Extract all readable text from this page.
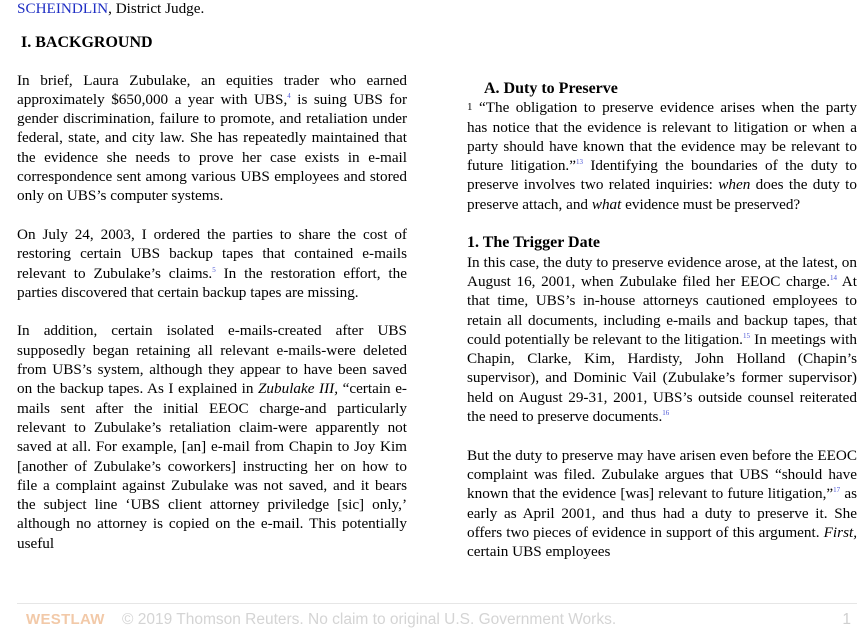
SCHEINDLIN, District Judge.

I. BACKGROUND

In brief, Laura Zubulake, an equities trader who earned approximately $650,000 a year with UBS,$^4$ is suing UBS for gender discrimination, failure to promote, and retaliation under federal, state, and city law. She has repeatedly maintained that the evidence she needs to prove her case exists in e-mail correspondence sent among various UBS employees and stored only on UBS’s computer systems.

On July 24, 2003, I ordered the parties to share the cost of restoring certain UBS backup tapes that contained e-mails relevant to Zubulake’s claims.$^5$ In the restoration effort, the parties discovered that certain backup tapes are missing.

In addition, certain isolated e-mails-created after UBS supposedly began retaining all relevant e-mails-were deleted from UBS’s system, although they appear to have been saved on the backup tapes. As I explained in Zubulake III, “certain e-mails sent after the initial EEOC charge-and particularly relevant to Zubulake’s retaliation claim-were apparently not saved at all. For example, [an] e-mail from Chapin to Joy Kim [another of Zubulake’s coworkers] instructing her on how to file a complaint against Zubulake was not saved, and it bears the subject line ‘UBS client attorney priviledge [sic] only,’ although no attorney is copied on the e-mail. This potentially useful

A. Duty to Preserve

$^1$ “The obligation to preserve evidence arises when the party has notice that the evidence is relevant to litigation or when a party should have known that the evidence may be relevant to future litigation.”$^{13}$ Identifying the boundaries of the duty to preserve involves two related inquiries: when does the duty to preserve attach, and what evidence must be preserved?

1. The Trigger Date

In this case, the duty to preserve evidence arose, at the latest, on August 16, 2001, when Zubulake filed her EEOC charge.$^{14}$ At that time, UBS’s in-house attorneys cautioned employees to retain all documents, including e-mails and backup tapes, that could potentially be relevant to the litigation.$^{15}$ In meetings with Chapin, Clarke, Kim, Hardisty, John Holland (Chapin’s supervisor), and Dominic Vail (Zubulake’s former supervisor) held on August 29-31, 2001, UBS’s outside counsel reiterated the need to preserve documents.$^{16}$

But the duty to preserve may have arisen even before the EEOC complaint was filed. Zubulake argues that UBS “should have known that the evidence [was] relevant to future litigation,”$^{17}$ as early as April 2001, and thus had a duty to preserve it. She offers two pieces of evidence in support of this argument. First, certain UBS employees

WESTLAW © 2019 Thomson Reuters. No claim to original U.S. Government Works.	1
